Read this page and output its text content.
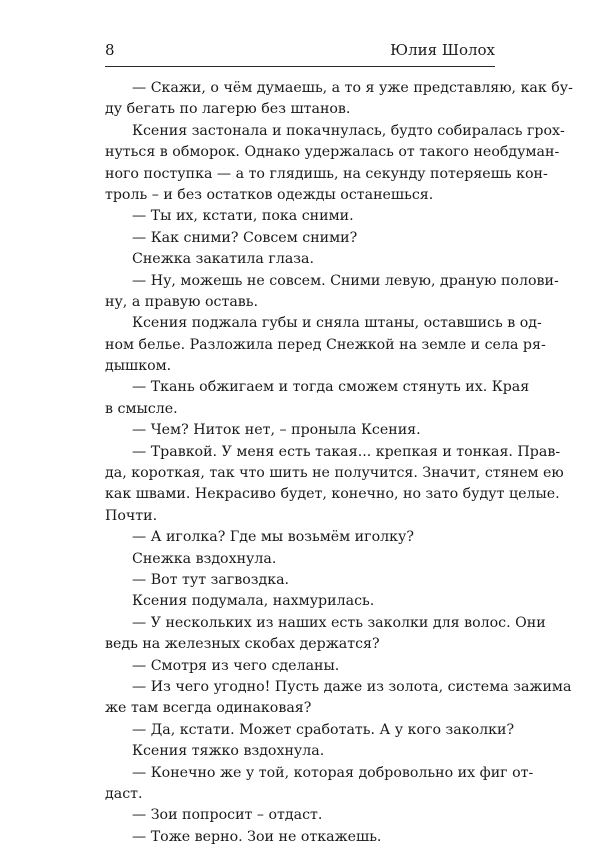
8	Юлия Шолох
— Скажи, о чём думаешь, а то я уже представляю, как бу-
ду бегать по лагерю без штанов.
Ксения застонала и покачнулась, будто собиралась грох-
нуться в обморок. Однако удержалась от такого необдуман-
ного поступка — а то глядишь, на секунду потеряешь кон-
троль – и без остатков одежды останешься.
— Ты их, кстати, пока сними.
— Как сними? Совсем сними?
Снежка закатила глаза.
— Ну, можешь не совсем. Сними левую, драную полови-
ну, а правую оставь.
Ксения поджала губы и сняла штаны, оставшись в од-
ном белье. Разложила перед Снежкой на земле и села ря-
дышком.
— Ткань обжигаем и тогда сможем стянуть их. Края
в смысле.
— Чем? Ниток нет, – проныла Ксения.
— Травкой. У меня есть такая... крепкая и тонкая. Прав-
да, короткая, так что шить не получится. Значит, стянем ею
как швами. Некрасиво будет, конечно, но зато будут целые.
Почти.
— А иголка? Где мы возьмём иголку?
Снежка вздохнула.
— Вот тут загвоздка.
Ксения подумала, нахмурилась.
— У нескольких из наших есть заколки для волос. Они
ведь на железных скобах держатся?
— Смотря из чего сделаны.
— Из чего угодно! Пусть даже из золота, система зажима
же там всегда одинаковая?
— Да, кстати. Может сработать. А у кого заколки?
Ксения тяжко вздохнула.
— Конечно же у той, которая добровольно их фиг от-
даст.
— Зои попросит – отдаст.
— Тоже верно. Зои не откажешь.
